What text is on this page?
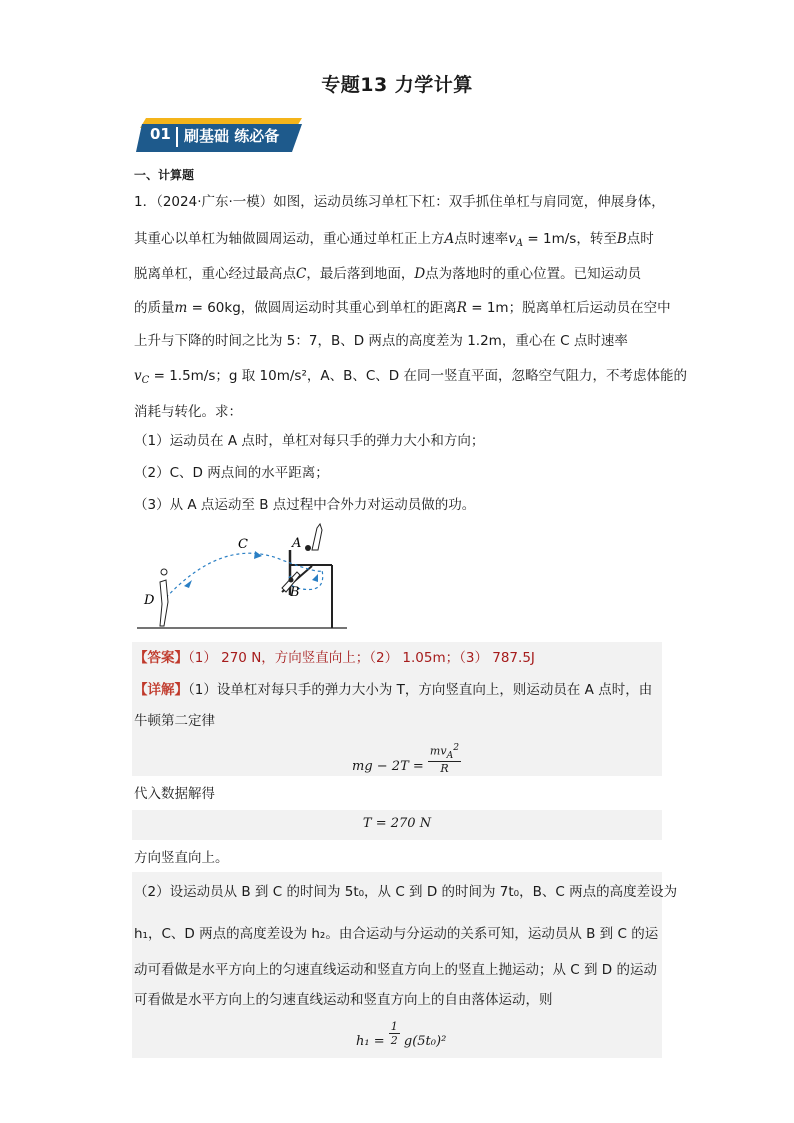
专题13 力学计算
01 刷基础 练必备
一、计算题
1．（2024·广东·一模）如图，运动员练习单杠下杠：双手抓住单杠与肩同宽，伸展身体，
其重心以单杠为轴做圆周运动，重心通过单杠正上方A点时速率$v_A = 1m/s$，转至B点时
脱离单杠，重心经过最高点C，最后落到地面，D点为落地时的重心位置。已知运动员
的质量m = 60kg，做圆周运动时其重心到单杠的距离R = 1m；脱离单杠后运动员在空中
上升与下降的时间之比为 5：7，B、D 两点的高度差为 1.2m，重心在 C 点时速率
$v_C = 1.5m/s$；g 取 10m/s²，A、B、C、D 在同一竖直平面，忽略空气阻力，不考虑体能的
消耗与转化。求：
（1）运动员在 A 点时，单杠对每只手的弹力大小和方向；
（2）C、D 两点间的水平距离；
（3）从 A 点运动至 B 点过程中合外力对运动员做的功。
C	A
B
D
【答案】（1） 270 N，方向竖直向上；（2） 1.05m；（3） 787.5J
【详解】（1）设单杠对每只手的弹力大小为 T，方向竖直向上，则运动员在 A 点时，由
牛顿第二定律
mg − 2T =
$mv_A^2$
R
代入数据解得
T = 270 N
方向竖直向上。
（2）设运动员从 B 到 C 的时间为 5t₀，从 C 到 D 的时间为 7t₀，B、C 两点的高度差设为
h₁，C、D 两点的高度差设为 h₂。由合运动与分运动的关系可知，运动员从 B 到 C 的运
动可看做是水平方向上的匀速直线运动和竖直方向上的竖直上抛运动；从 C 到 D 的运动
可看做是水平方向上的匀速直线运动和竖直方向上的自由落体运动，则
$h_1 = \frac{1}{2} g(5t_0)^2$
